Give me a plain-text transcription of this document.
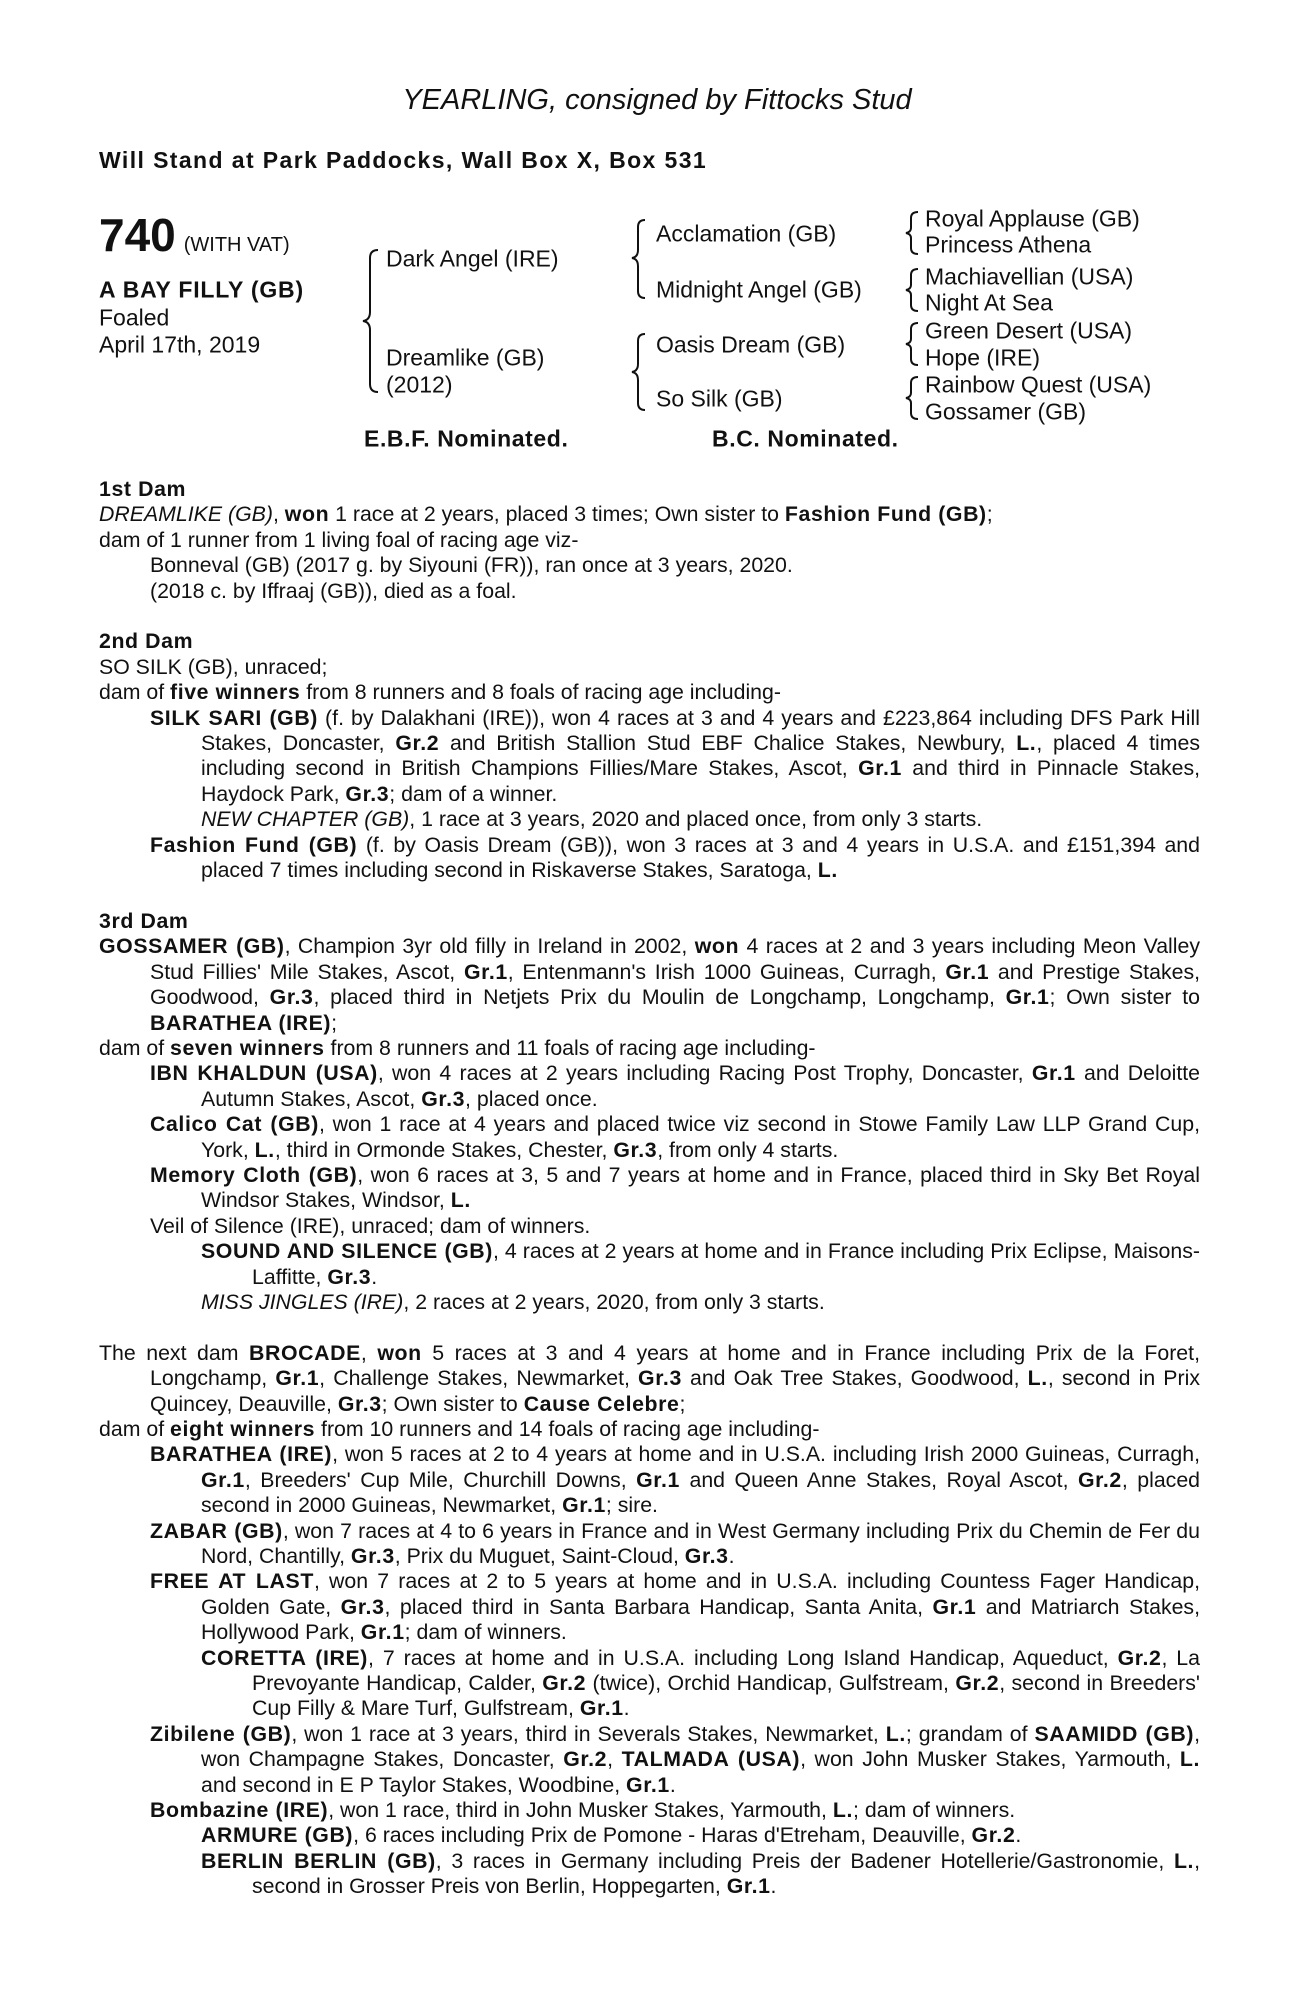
YEARLING, consigned by Fittocks Stud
Will Stand at Park Paddocks, Wall Box X, Box 531
740 (WITH VAT)
A BAY FILLY (GB)
Foaled
April 17th, 2019
Dark Angel (IRE)
Dreamlike (GB)
(2012)
Acclamation (GB)
Midnight Angel (GB)
Oasis Dream (GB)
So Silk (GB)
Royal Applause (GB)
Princess Athena
Machiavellian (USA)
Night At Sea
Green Desert (USA)
Hope (IRE)
Rainbow Quest (USA)
Gossamer (GB)
E.B.F. Nominated.	B.C. Nominated.
1st Dam
DREAMLIKE (GB), won 1 race at 2 years, placed 3 times; Own sister to Fashion Fund (GB);
dam of 1 runner from 1 living foal of racing age viz-
Bonneval (GB) (2017 g. by Siyouni (FR)), ran once at 3 years, 2020.
(2018 c. by Iffraaj (GB)), died as a foal.
2nd Dam
SO SILK (GB), unraced;
dam of five winners from 8 runners and 8 foals of racing age including-
SILK SARI (GB) (f. by Dalakhani (IRE)), won 4 races at 3 and 4 years and £223,864 including DFS Park Hill Stakes, Doncaster, Gr.2 and British Stallion Stud EBF Chalice Stakes, Newbury, L., placed 4 times including second in British Champions Fillies/Mare Stakes, Ascot, Gr.1 and third in Pinnacle Stakes, Haydock Park, Gr.3; dam of a winner.
NEW CHAPTER (GB), 1 race at 3 years, 2020 and placed once, from only 3 starts.
Fashion Fund (GB) (f. by Oasis Dream (GB)), won 3 races at 3 and 4 years in U.S.A. and £151,394 and placed 7 times including second in Riskaverse Stakes, Saratoga, L.
3rd Dam
GOSSAMER (GB), Champion 3yr old filly in Ireland in 2002, won 4 races at 2 and 3 years including Meon Valley Stud Fillies' Mile Stakes, Ascot, Gr.1, Entenmann's Irish 1000 Guineas, Curragh, Gr.1 and Prestige Stakes, Goodwood, Gr.3, placed third in Netjets Prix du Moulin de Longchamp, Longchamp, Gr.1; Own sister to BARATHEA (IRE);
dam of seven winners from 8 runners and 11 foals of racing age including-
IBN KHALDUN (USA), won 4 races at 2 years including Racing Post Trophy, Doncaster, Gr.1 and Deloitte Autumn Stakes, Ascot, Gr.3, placed once.
Calico Cat (GB), won 1 race at 4 years and placed twice viz second in Stowe Family Law LLP Grand Cup, York, L., third in Ormonde Stakes, Chester, Gr.3, from only 4 starts.
Memory Cloth (GB), won 6 races at 3, 5 and 7 years at home and in France, placed third in Sky Bet Royal Windsor Stakes, Windsor, L.
Veil of Silence (IRE), unraced; dam of winners.
SOUND AND SILENCE (GB), 4 races at 2 years at home and in France including Prix Eclipse, Maisons-Laffitte, Gr.3.
MISS JINGLES (IRE), 2 races at 2 years, 2020, from only 3 starts.
The next dam BROCADE, won 5 races at 3 and 4 years at home and in France including Prix de la Foret, Longchamp, Gr.1, Challenge Stakes, Newmarket, Gr.3 and Oak Tree Stakes, Goodwood, L., second in Prix Quincey, Deauville, Gr.3; Own sister to Cause Celebre;
dam of eight winners from 10 runners and 14 foals of racing age including-
BARATHEA (IRE), won 5 races at 2 to 4 years at home and in U.S.A. including Irish 2000 Guineas, Curragh, Gr.1, Breeders' Cup Mile, Churchill Downs, Gr.1 and Queen Anne Stakes, Royal Ascot, Gr.2, placed second in 2000 Guineas, Newmarket, Gr.1; sire.
ZABAR (GB), won 7 races at 4 to 6 years in France and in West Germany including Prix du Chemin de Fer du Nord, Chantilly, Gr.3, Prix du Muguet, Saint-Cloud, Gr.3.
FREE AT LAST, won 7 races at 2 to 5 years at home and in U.S.A. including Countess Fager Handicap, Golden Gate, Gr.3, placed third in Santa Barbara Handicap, Santa Anita, Gr.1 and Matriarch Stakes, Hollywood Park, Gr.1; dam of winners.
CORETTA (IRE), 7 races at home and in U.S.A. including Long Island Handicap, Aqueduct, Gr.2, La Prevoyante Handicap, Calder, Gr.2 (twice), Orchid Handicap, Gulfstream, Gr.2, second in Breeders' Cup Filly & Mare Turf, Gulfstream, Gr.1.
Zibilene (GB), won 1 race at 3 years, third in Severals Stakes, Newmarket, L.; grandam of SAAMIDD (GB), won Champagne Stakes, Doncaster, Gr.2, TALMADA (USA), won John Musker Stakes, Yarmouth, L. and second in E P Taylor Stakes, Woodbine, Gr.1.
Bombazine (IRE), won 1 race, third in John Musker Stakes, Yarmouth, L.; dam of winners.
ARMURE (GB), 6 races including Prix de Pomone - Haras d'Etreham, Deauville, Gr.2.
BERLIN BERLIN (GB), 3 races in Germany including Preis der Badener Hotellerie/Gastronomie, L., second in Grosser Preis von Berlin, Hoppegarten, Gr.1.
